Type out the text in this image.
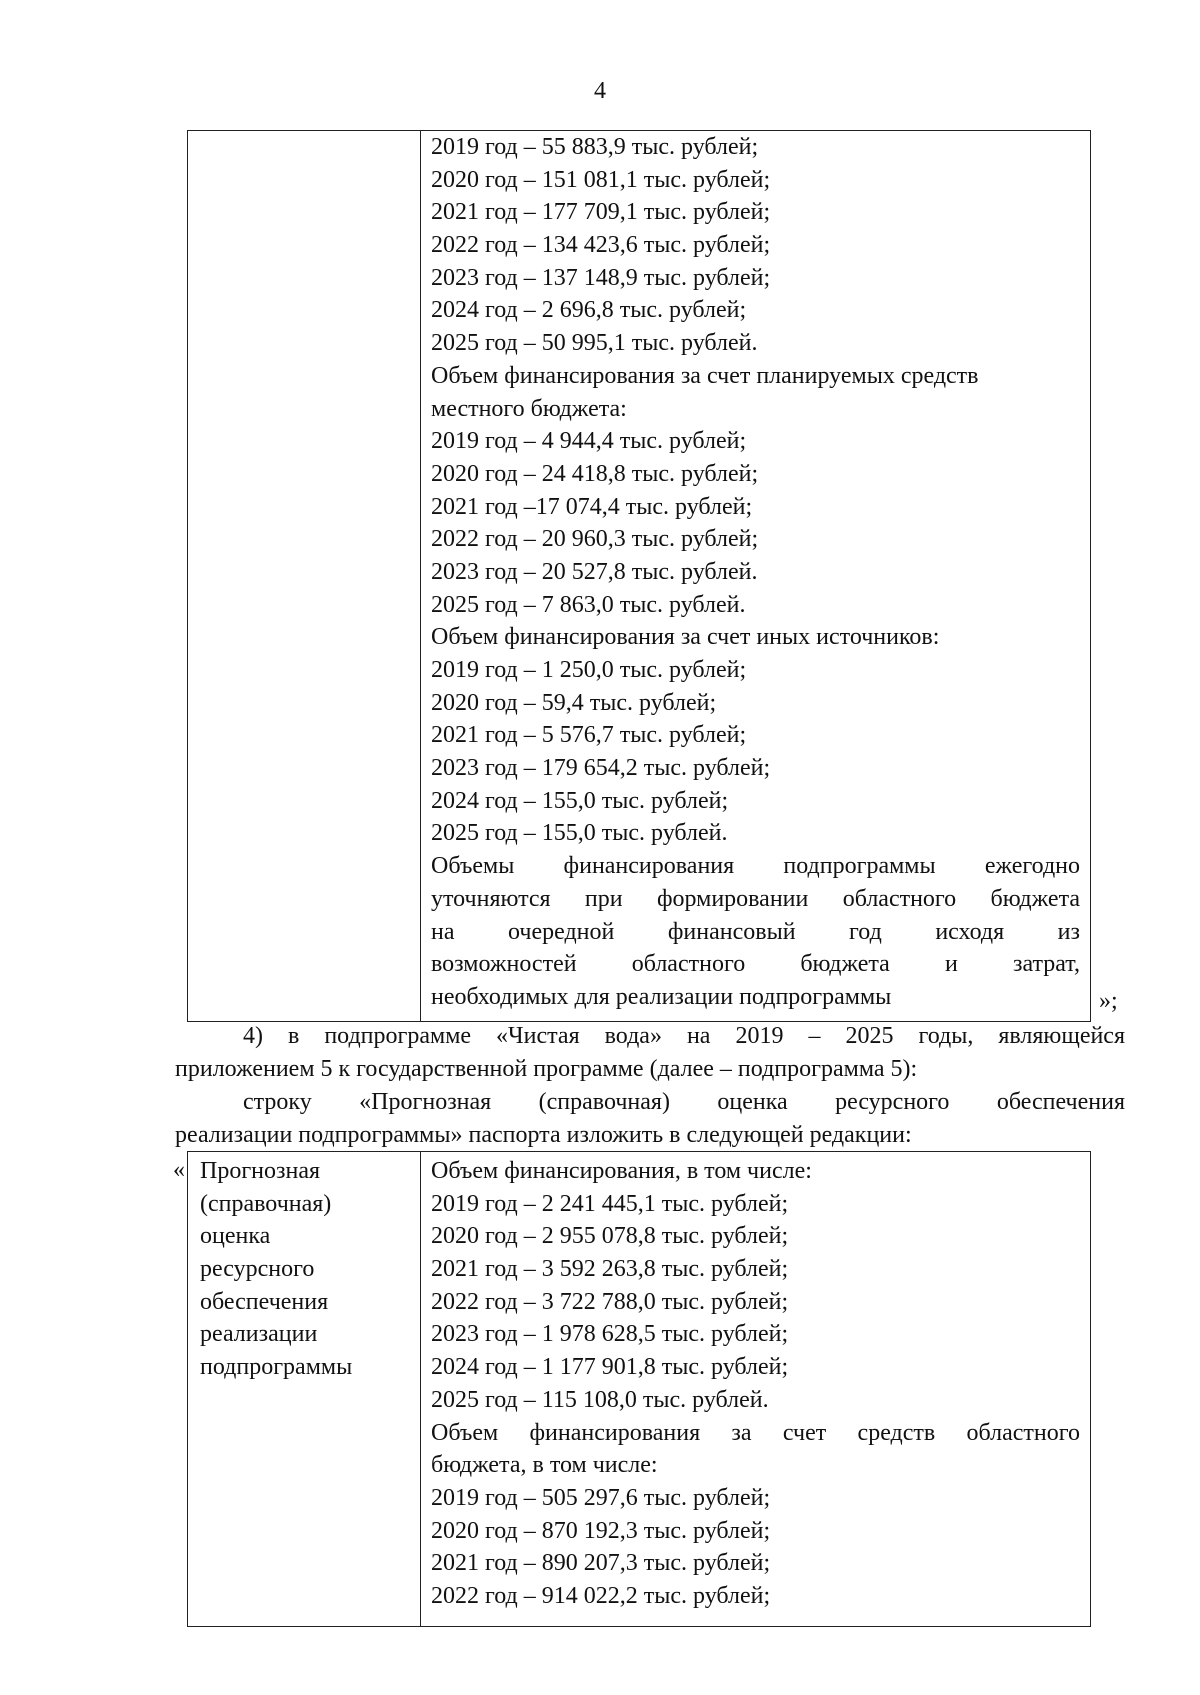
4
2019 год – 55 883,9 тыс. рублей;
2020 год – 151 081,1 тыс. рублей;
2021 год – 177 709,1 тыс. рублей;
2022 год – 134 423,6 тыс. рублей;
2023 год – 137 148,9 тыс. рублей;
2024 год – 2 696,8 тыс. рублей;
2025 год – 50 995,1 тыс. рублей.
Объем финансирования за счет планируемых средств
местного бюджета:
2019 год – 4 944,4 тыс. рублей;
2020 год – 24 418,8 тыс. рублей;
2021 год –17 074,4 тыс. рублей;
2022 год – 20 960,3 тыс. рублей;
2023 год – 20 527,8 тыс. рублей.
2025 год – 7 863,0 тыс. рублей.
Объем финансирования за счет иных источников:
2019 год – 1 250,0 тыс. рублей;
2020 год – 59,4 тыс. рублей;
2021 год – 5 576,7 тыс. рублей;
2023 год – 179 654,2 тыс. рублей;
2024 год – 155,0 тыс. рублей;
2025 год – 155,0 тыс. рублей.
Объемы финансирования подпрограммы ежегодно
уточняются при формировании областного бюджета
на очередной финансовый год исходя из
возможностей областного бюджета и затрат,
необходимых для реализации подпрограммы	»;
4) в подпрограмме «Чистая вода» на 2019 – 2025 годы, являющейся
приложением 5 к государственной программе (далее – подпрограмма 5):
строку «Прогнозная (справочная) оценка ресурсного обеспечения
реализации подпрограммы» паспорта изложить в следующей редакции:
Прогнозная
(справочная)
оценка
ресурсного
обеспечения
реализации
подпрограммы
Объем финансирования, в том числе:
2019 год – 2 241 445,1 тыс. рублей;
2020 год – 2 955 078,8 тыс. рублей;
2021 год – 3 592 263,8 тыс. рублей;
2022 год – 3 722 788,0 тыс. рублей;
2023 год – 1 978 628,5 тыс. рублей;
2024 год – 1 177 901,8 тыс. рублей;
2025 год – 115 108,0 тыс. рублей.
Объем финансирования за счет средств областного
бюджета, в том числе:
2019 год – 505 297,6 тыс. рублей;
2020 год – 870 192,3 тыс. рублей;
2021 год – 890 207,3 тыс. рублей;
2022 год – 914 022,2 тыс. рублей;
«
